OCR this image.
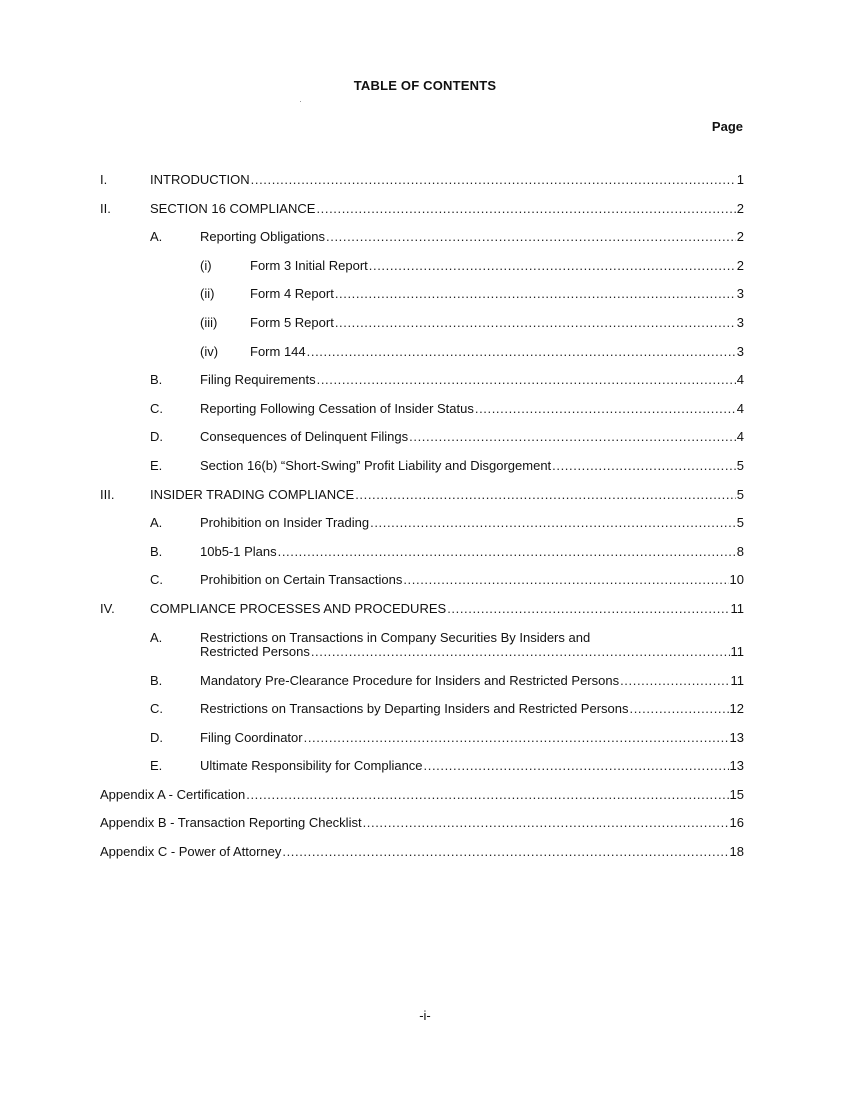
TABLE OF CONTENTS
Page
I.	INTRODUCTION .....	1
II.	SECTION 16 COMPLIANCE .....	2
A.	Reporting Obligations .....	2
(i)	Form 3 Initial Report .....	2
(ii)	Form 4 Report .....	3
(iii)	Form 5 Report .....	3
(iv) Form 144 .....	3
B.	Filing Requirements .....	4
C.	Reporting Following Cessation of Insider Status .....	4
D.	Consequences of Delinquent Filings .....	4
E.	Section 16(b) “Short-Swing” Profit Liability and Disgorgement .....	5
III.	INSIDER TRADING COMPLIANCE .....	5
A.	Prohibition on Insider Trading .....	5
B.	10b5-1 Plans .....	8
C.	Prohibition on Certain Transactions .....	10
IV.	COMPLIANCE PROCESSES AND PROCEDURES .....	11
A.	Restrictions on Transactions in Company Securities By Insiders and
Restricted Persons .....	11
B.	Mandatory Pre-Clearance Procedure for Insiders and Restricted Persons .....	11
C.	Restrictions on Transactions by Departing Insiders and Restricted Persons .....	12
D.	Filing Coordinator .....	13
E.	Ultimate Responsibility for Compliance .....	13
Appendix A - Certification .....	15
Appendix B - Transaction Reporting Checklist .....	16
Appendix C - Power of Attorney .....	18
-i-
